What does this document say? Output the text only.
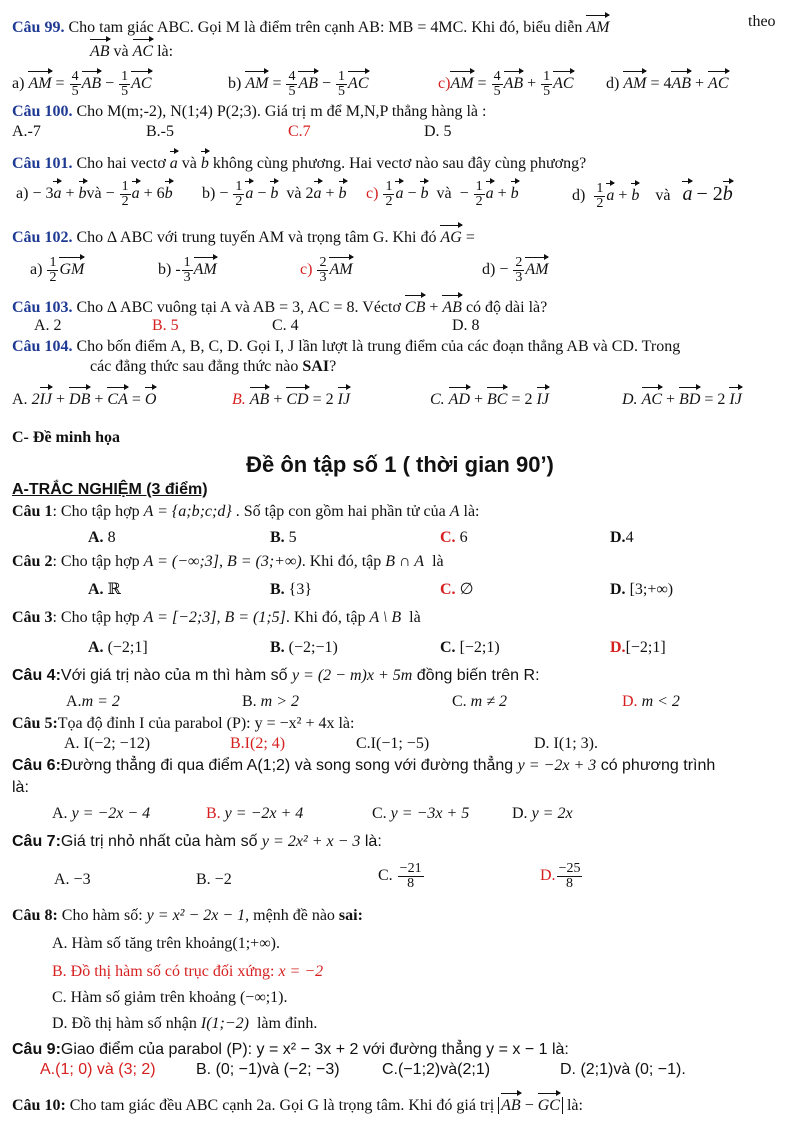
Câu 99. Cho tam giác ABC. Gọi M là điểm trên cạnh AB: MB = 4MC. Khi đó, biểu diễn AM	theo
AB và AC là:
a) AM = $\frac{4}{5}$ AB − $\frac{1}{5}$ AC	b) AM = $\frac{4}{5}$ AB − $\frac{1}{5}$ AC	$c)AM = \frac{4}{5}$ AB + $\frac{1}{5}$ AC d) AM = 4AB + AC
Câu 100. Cho M(m;-2), N(1;4) P(2;3). Giá trị m để M,N,P thẳng hàng là :
A.-7	B.-5	C.7	D. 5
Câu 101. Cho hai vectơ a và b không cùng phương. Hai vectơ nào sau đây cùng phương?
a) − 3a + bvà − $\frac{1}{2}$ a + 6b $b) - \frac{1}{2}$ a − b  và 2a + b $c) \frac{1}{2}$ a − b  và  − $\frac{1}{2}$ a + b	$d) \frac{1}{2}$ a + b và a − 2b
Câu 102. Cho ∆ ABC với trung tuyến AM và trọng tâm G. Khi đó AG =
$a) \frac{1}{2}$ GM	$b) - \frac{1}{3}$ AM	$c) \frac{2}{3}$ AM	$d) - \frac{2}{3}$ AM
Câu 103. Cho ∆ ABC vuông tại A và AB = 3, AC = 8. Véctơ CB + AB có độ dài là?
A. 2	B. 5	C. 4	D. 8
Câu 104. Cho bốn điểm A, B, C, D. Gọi I, J lần lượt là trung điểm của các đoạn thẳng AB và CD. Trong
các đẳng thức sau đẳng thức nào SAI?
A. 2IJ + DB + CA = O	B. AB + CD = 2 IJ	C. AD + BC = 2 IJ	D. AC + BD = 2 IJ
C- Đề minh họa
Đề ôn tập số 1 ( thời gian 90’)
A-TRẮC NGHIỆM (3 điểm)
Câu 1: Cho tập hợp A = {a;b;c;d} . Số tập con gồm hai phần tử của A là:
A. 8	B. 5	C. 6	D.4
Câu 2: Cho tập hợp A = (−∞;3], B = (3;+∞). Khi đó, tập B ∩ A là
A. ℝ	B. {3}	C. ∅	D. [3;+∞)
Câu 3: Cho tập hợp A = [−2;3], B = (1;5]. Khi đó, tập A \ B là
A. (−2;1]	B. (−2;−1)	C. [−2;1)	D.[−2;1]
Câu 4:Với giá trị nào của m thì hàm số y = (2 − m)x + 5m đồng biến trên R:
A.m = 2	B. m > 2	C. m ≠ 2	D. m < 2
Câu 5:Tọa độ đỉnh I của parabol (P): y = −x² + 4x là:
A. I(−2; −12)	B.I(2; 4)	C.I(−1; −5)	D. I(1; 3).
Câu 6:Đường thẳng đi qua điểm A(1;2) và song song với đường thẳng y = −2x + 3 có phương trình
là:
A. y = −2x − 4	B. y = −2x + 4	C. y = −3x + 5	D. y = 2x
Câu 7:Giá trị nhỏ nhất của hàm số y = 2x² + x − 3 là:
A. −3	B. −2	C. $\frac{-21}{8}$	D. $\frac{-25}{8}$
Câu 8: Cho hàm số: y = x² − 2x − 1, mệnh đề nào sai:
A. Hàm số tăng trên khoảng(1;+∞).
B. Đồ thị hàm số có trục đối xứng: x = −2
C. Hàm số giảm trên khoảng (−∞;1).
D. Đồ thị hàm số nhận I(1;−2) làm đỉnh.
Câu 9:Giao điểm của parabol (P): y = x² − 3x + 2 với đường thẳng y = x − 1 là:
A.(1; 0) và (3; 2)	B. (0; −1)và (−2; −3)	C.(−1;2)và(2;1)	D. (2;1)và (0; −1).
Câu 10: Cho tam giác đều ABC cạnh 2a. Gọi G là trọng tâm. Khi đó giá trị AB − GC là:
